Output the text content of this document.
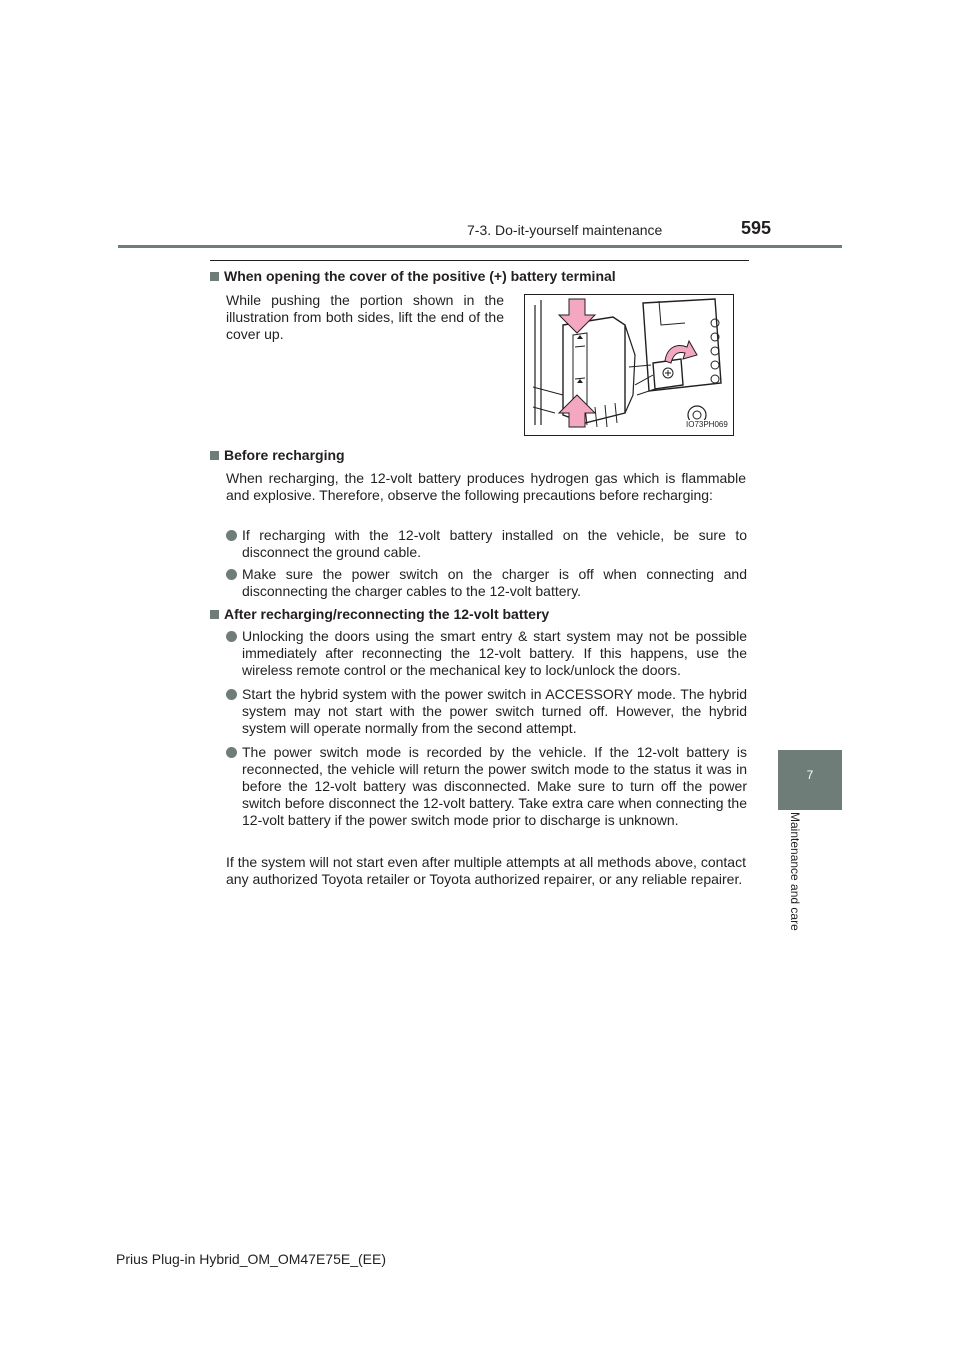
7-3. Do-it-yourself maintenance	595
7
Maintenance and care
When opening the cover of the positive (+) battery terminal
While pushing the portion shown in the illustration from both sides, lift the end of the cover up.
IO73PH069
Before recharging
When recharging, the 12-volt battery produces hydrogen gas which is flammable and explosive. Therefore, observe the following precautions before recharging:
If recharging with the 12-volt battery installed on the vehicle, be sure to disconnect the ground cable.
Make sure the power switch on the charger is off when connecting and disconnecting the charger cables to the 12-volt battery.
After recharging/reconnecting the 12-volt battery
Unlocking the doors using the smart entry & start system may not be possible immediately after reconnecting the 12-volt battery. If this happens, use the wireless remote control or the mechanical key to lock/unlock the doors.
Start the hybrid system with the power switch in ACCESSORY mode. The hybrid system may not start with the power switch turned off. However, the hybrid system will operate normally from the second attempt.
The power switch mode is recorded by the vehicle. If the 12-volt battery is reconnected, the vehicle will return the power switch mode to the status it was in before the 12-volt battery was disconnected. Make sure to turn off the power switch before disconnect the 12-volt battery. Take extra care when connecting the 12-volt battery if the power switch mode prior to discharge is unknown.
If the system will not start even after multiple attempts at all methods above, contact any authorized Toyota retailer or Toyota authorized repairer, or any reliable repairer.
Prius Plug-in Hybrid_OM_OM47E75E_(EE)
